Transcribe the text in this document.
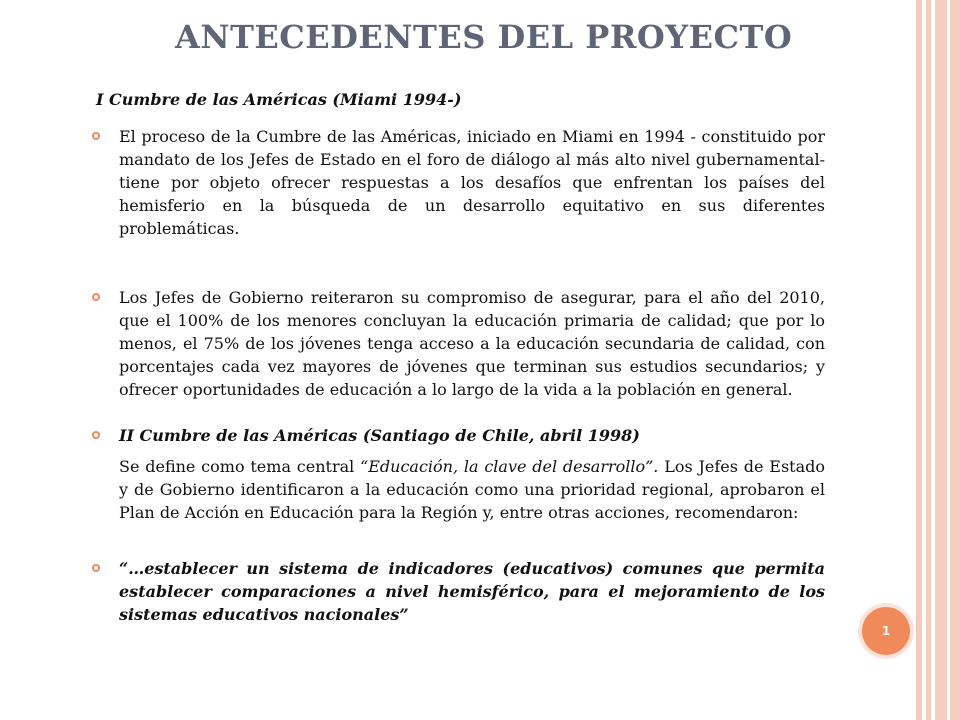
ANTECEDENTES DEL PROYECTO

I Cumbre de las Américas (Miami 1994-)

El proceso de la Cumbre de las Américas, iniciado en Miami en 1994 - constituido por mandato de los Jefes de Estado en el foro de diálogo al más alto nivel gubernamental- tiene por objeto ofrecer respuestas a los desafíos que enfrentan los países del hemisferio en la búsqueda de un desarrollo equitativo en sus diferentes problemáticas.

Los Jefes de Gobierno reiteraron su compromiso de asegurar, para el año del 2010, que el 100% de los menores concluyan la educación primaria de calidad; que por lo menos, el 75% de los jóvenes tenga acceso a la educación secundaria de calidad, con porcentajes cada vez mayores de jóvenes que terminan sus estudios secundarios; y ofrecer oportunidades de educación a lo largo de la vida a la población en general.

II Cumbre de las Américas (Santiago de Chile, abril 1998)

Se define como tema central “Educación, la clave del desarrollo”. Los Jefes de Estado y de Gobierno identificaron a la educación como una prioridad regional, aprobaron el Plan de Acción en Educación para la Región y, entre otras acciones, recomendaron:

“…establecer un sistema de indicadores (educativos) comunes que permita establecer comparaciones a nivel hemisférico, para el mejoramiento de los sistemas educativos nacionales”

1
